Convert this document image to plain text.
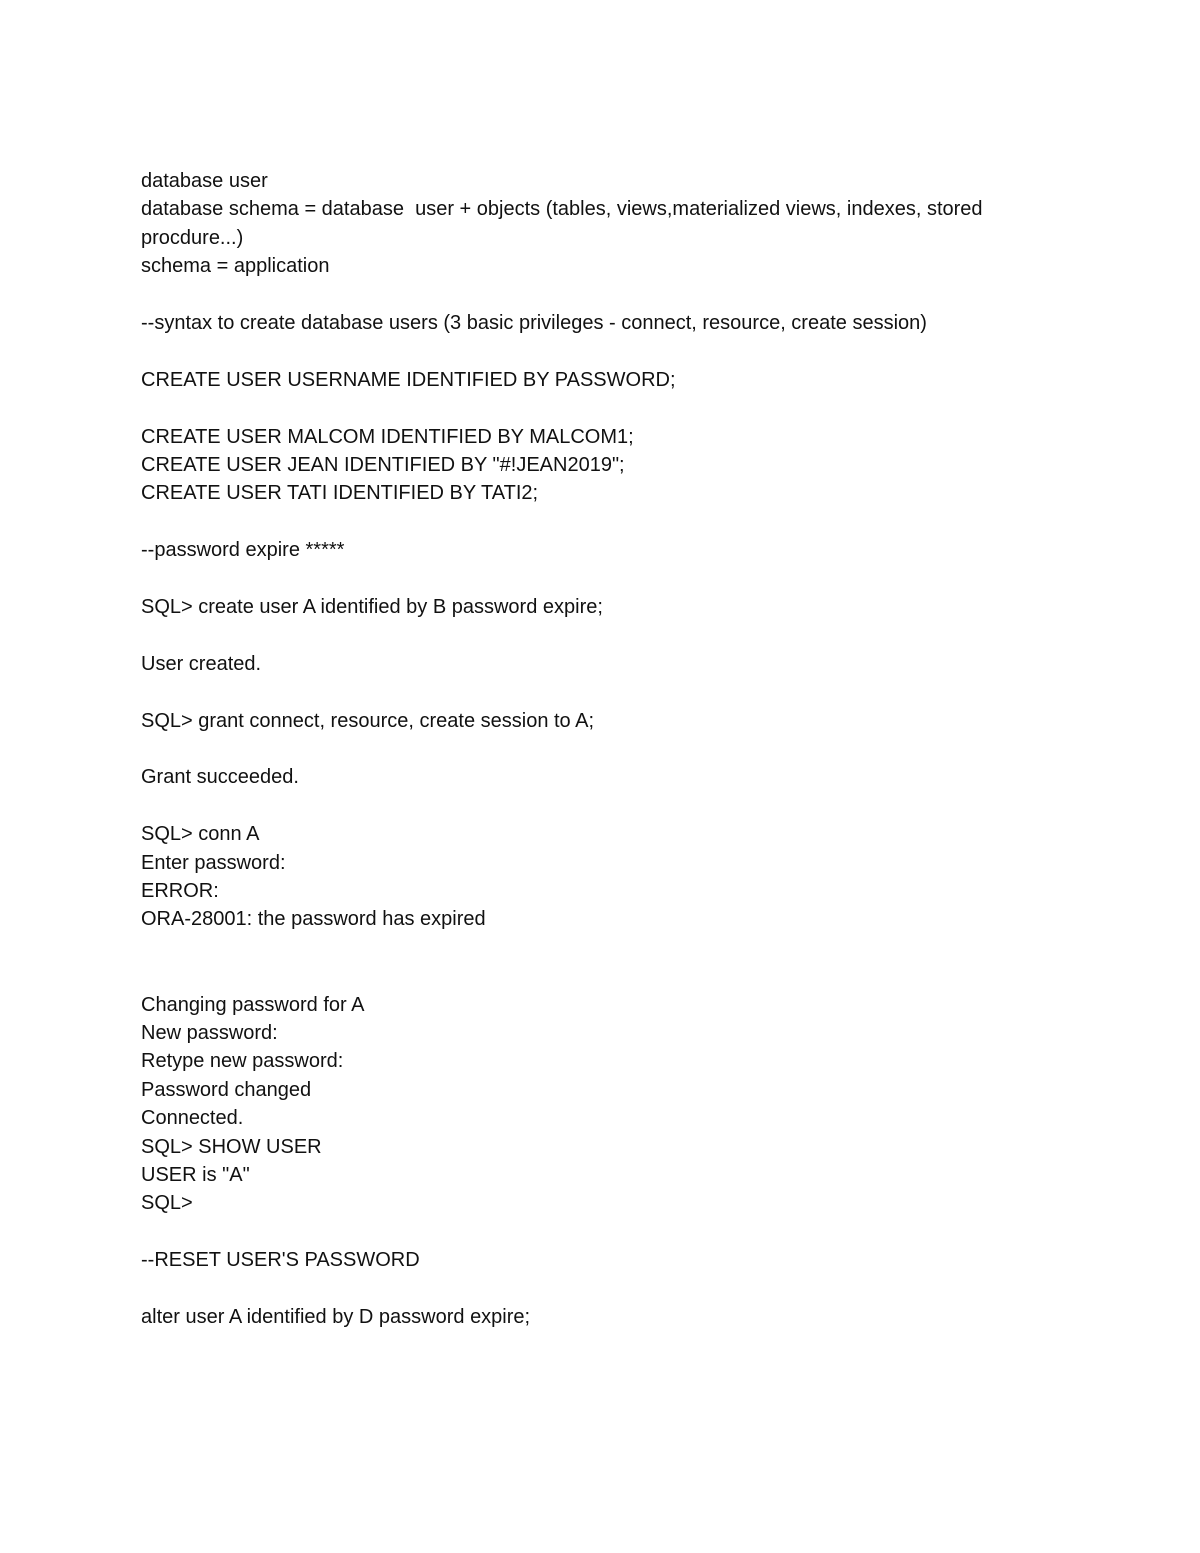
database user
database schema = database  user + objects (tables, views,materialized views, indexes, stored procdure...)
schema = application
--syntax to create database users (3 basic privileges - connect, resource, create session)
CREATE USER USERNAME IDENTIFIED BY PASSWORD;
CREATE USER MALCOM IDENTIFIED BY MALCOM1;
CREATE USER JEAN IDENTIFIED BY "#!JEAN2019";
CREATE USER TATI IDENTIFIED BY TATI2;
--password expire *****
SQL> create user A identified by B password expire;
User created.
SQL> grant connect, resource, create session to A;
Grant succeeded.
SQL> conn A
Enter password:
ERROR:
ORA-28001: the password has expired
Changing password for A
New password:
Retype new password:
Password changed
Connected.
SQL> SHOW USER
USER is "A"
SQL>
--RESET USER'S PASSWORD
alter user A identified by D password expire;
